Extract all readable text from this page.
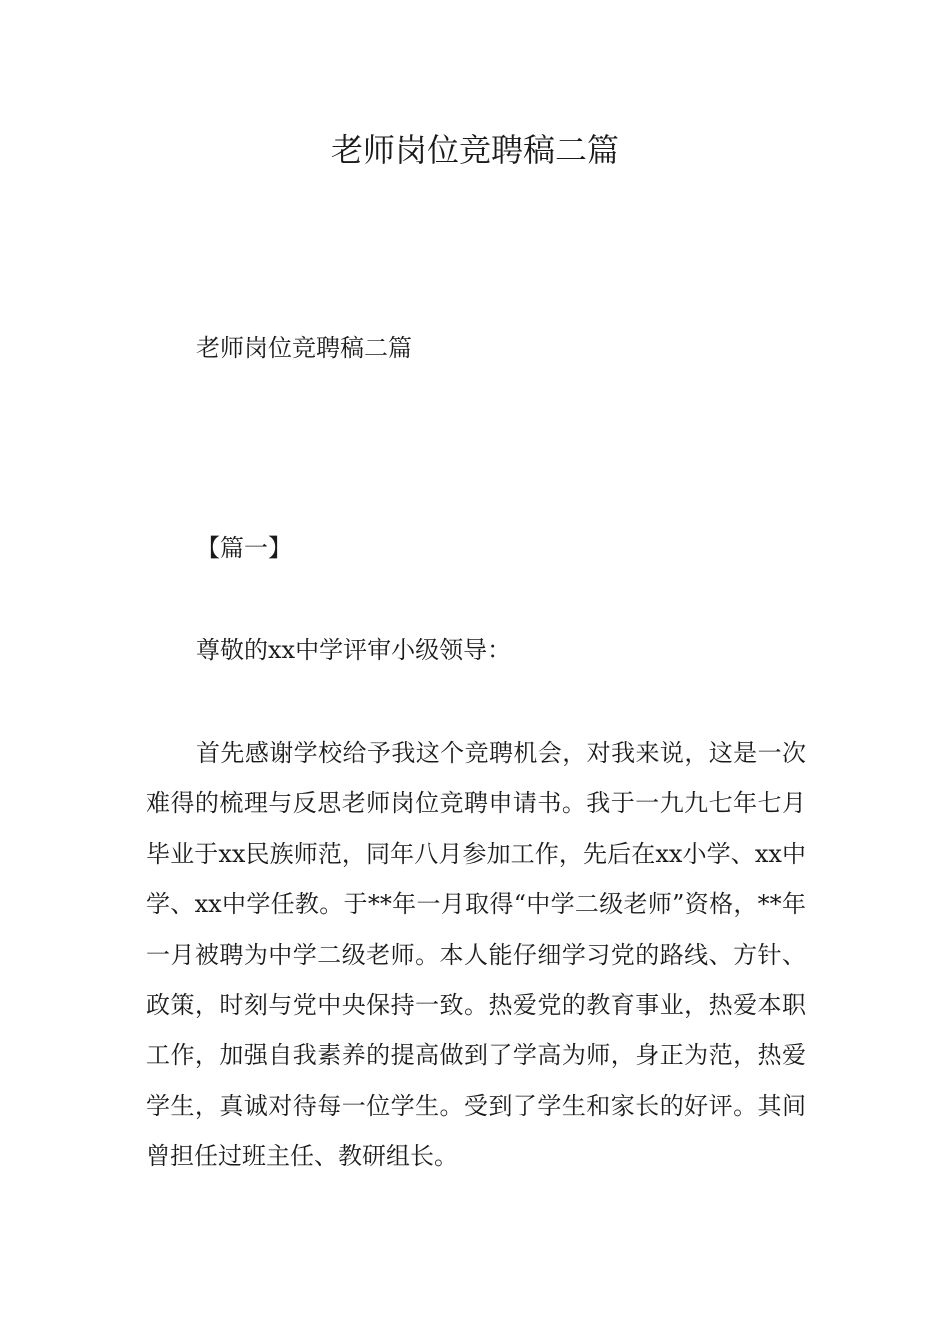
老师岗位竞聘稿二篇

老师岗位竞聘稿二篇

【篇一】

尊敬的xx中学评审小级领导：

首先感谢学校给予我这个竞聘机会，对我来说，这是一次难得的梳理与反思老师岗位竞聘申请书。我于一九九七年七月毕业于xx民族师范，同年八月参加工作，先后在xx小学、xx中学、xx中学任教。于**年一月取得“中学二级老师”资格，**年一月被聘为中学二级老师。本人能仔细学习党的路线、方针、政策，时刻与党中央保持一致。热爱党的教育事业，热爱本职工作，加强自我素养的提高做到了学高为师，身正为范，热爱学生，真诚对待每一位学生。受到了学生和家长的好评。其间曾担任过班主任、教研组长。
